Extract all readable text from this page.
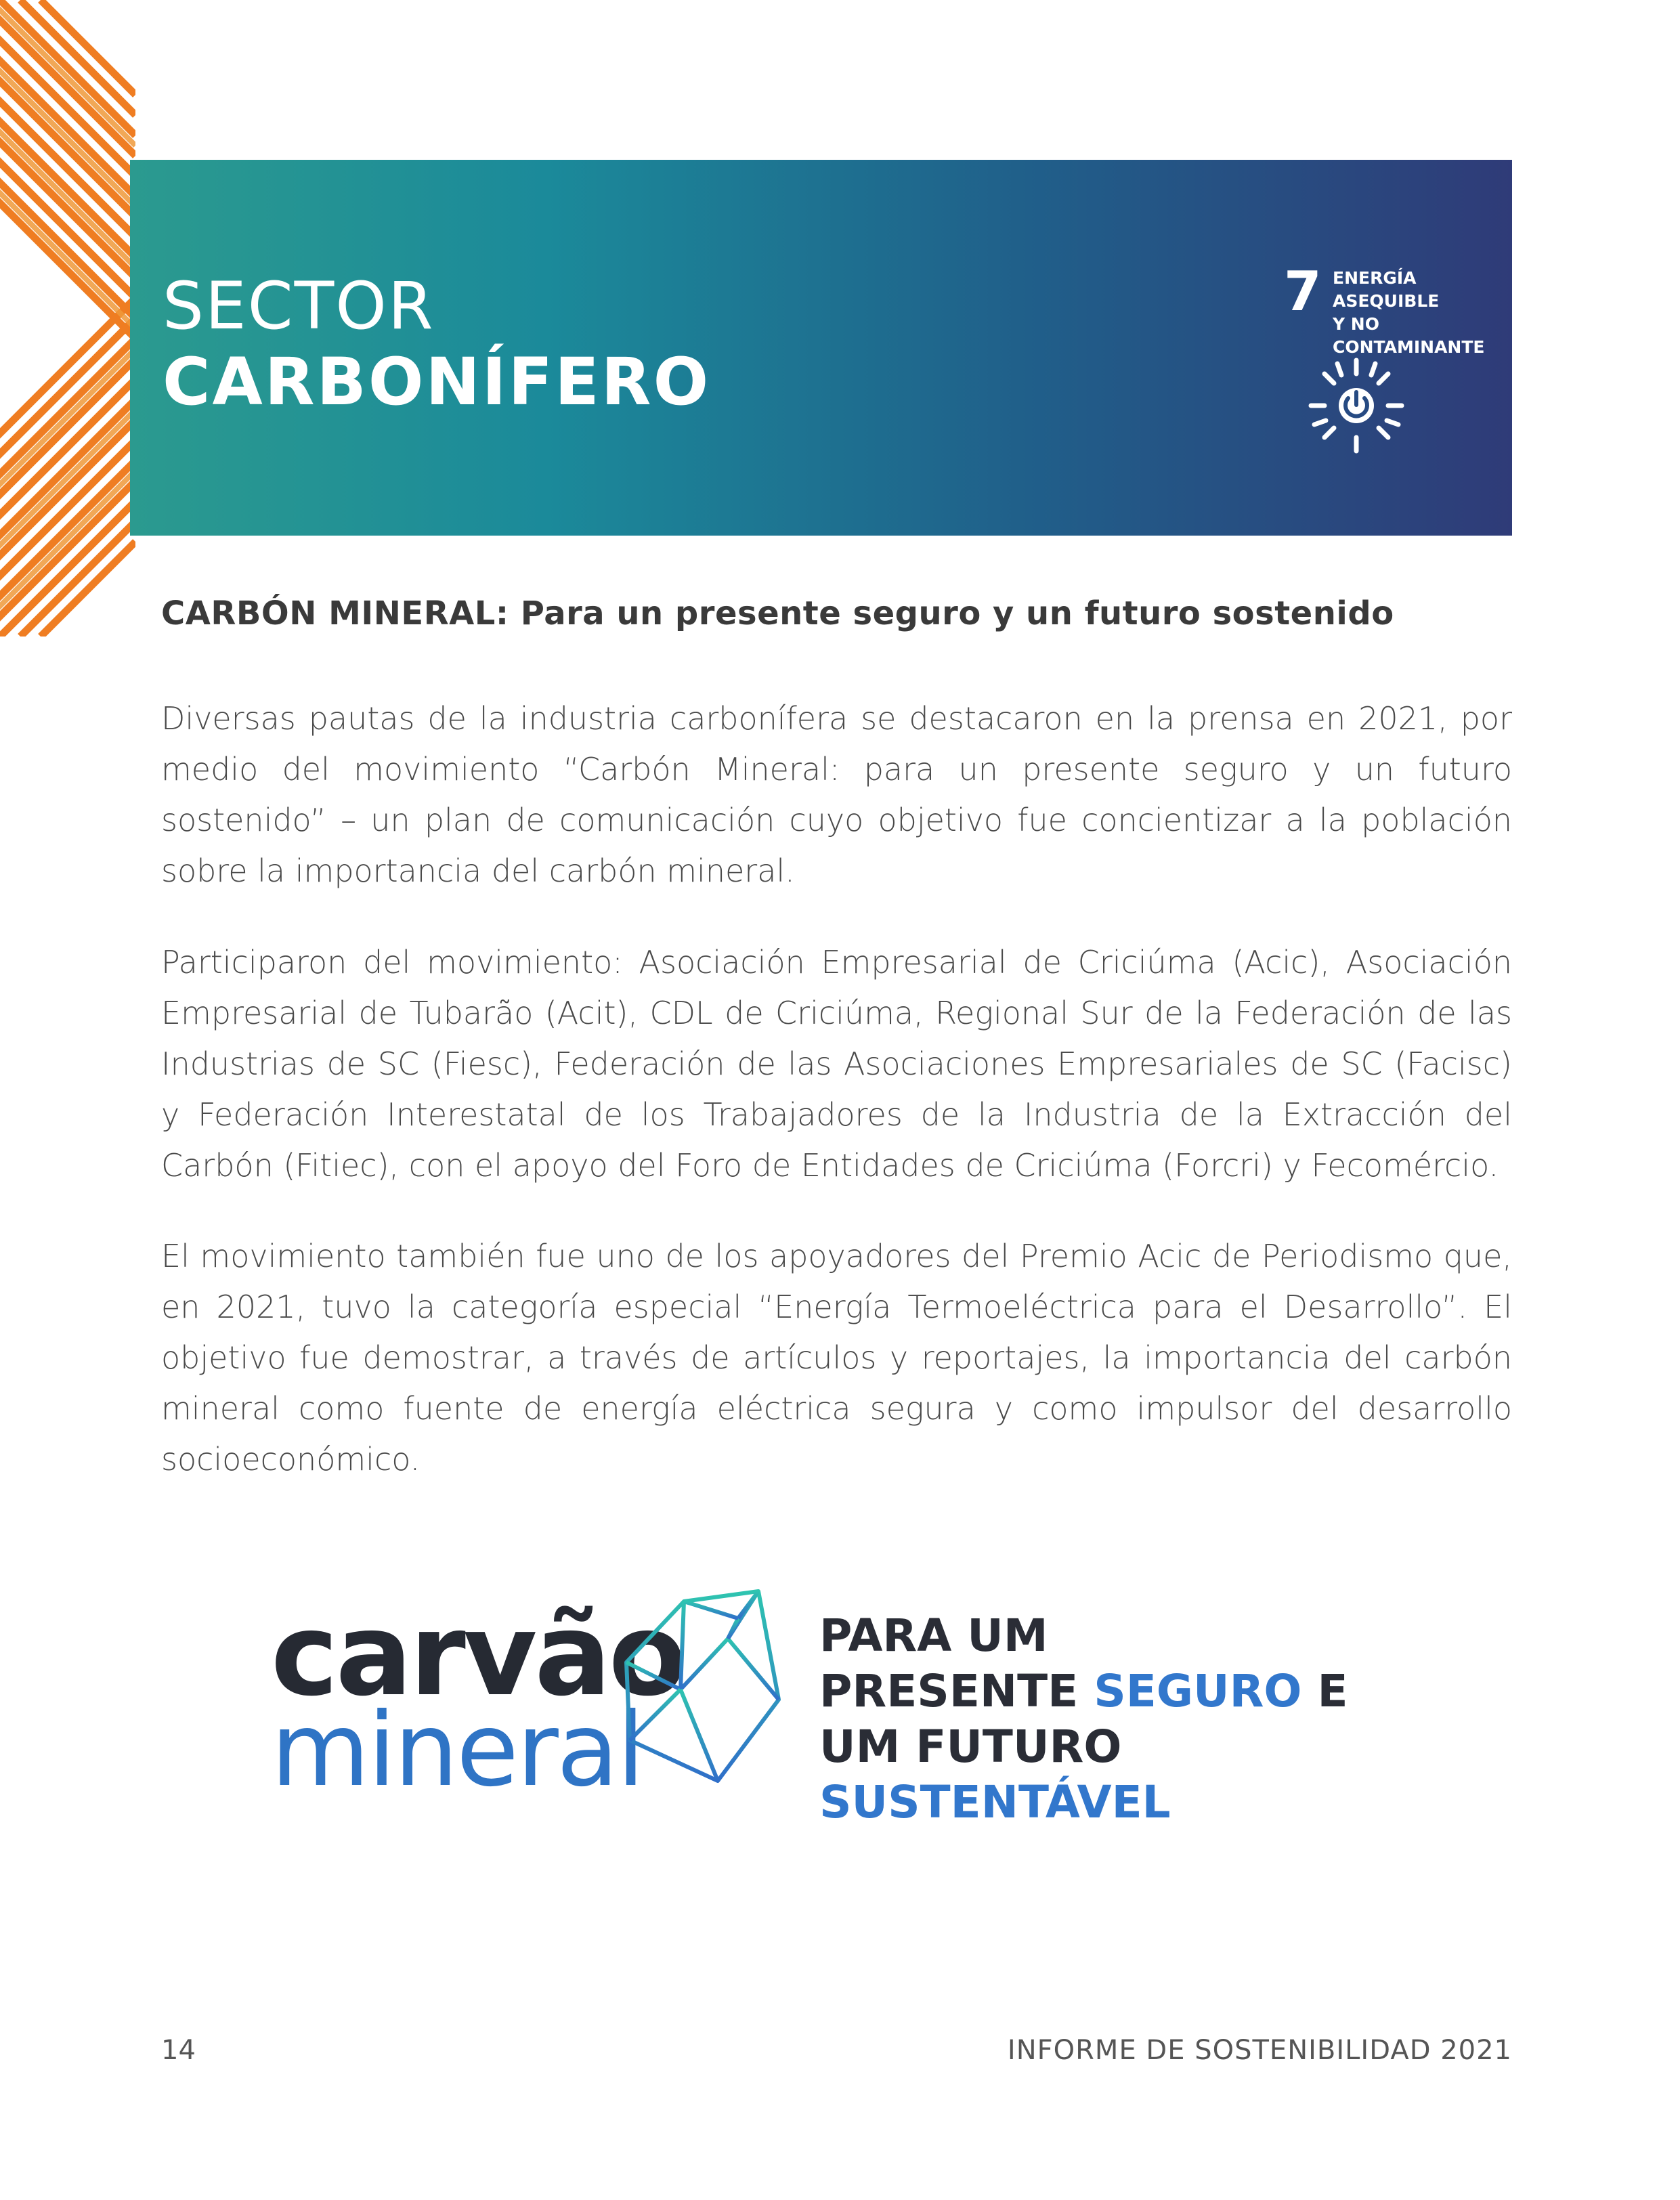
SECTOR
CARBONÍFERO
7 ENERGÍA ASEQUIBLE
Y NO CONTAMINANTE
CARBÓN MINERAL: Para un presente seguro y un futuro sostenido

Diversas pautas de la industria carbonífera se destacaron en la prensa en 2021, por medio del movimiento “Carbón Mineral: para un presente seguro y un futuro sostenido” – un plan de comunicación cuyo objetivo fue concientizar a la población sobre la importancia del carbón mineral.

Participaron del movimiento: Asociación Empresarial de Criciúma (Acic), Asociación Empresarial de Tubarão (Acit), CDL de Criciúma, Regional Sur de la Federación de las Industrias de SC (Fiesc), Federación de las Asociaciones Empresariales de SC (Facisc) y Federación Interestatal de los Trabajadores de la Industria de la Extracción del Carbón (Fitiec), con el apoyo del Foro de Entidades de Criciúma (Forcri) y Fecomércio.

El movimiento también fue uno de los apoyadores del Premio Acic de Periodismo que, en 2021, tuvo la categoría especial “Energía Termoeléctrica para el Desarrollo”. El objetivo fue demostrar, a través de artículos y reportajes, la importancia del carbón mineral como fuente de energía eléctrica segura y como impulsor del desarrollo socioeconómico.

carvão
mineral
PARA UM
PRESENTE SEGURO E
UM FUTURO SUSTENTÁVEL
14	INFORME DE SOSTENIBILIDAD 2021
